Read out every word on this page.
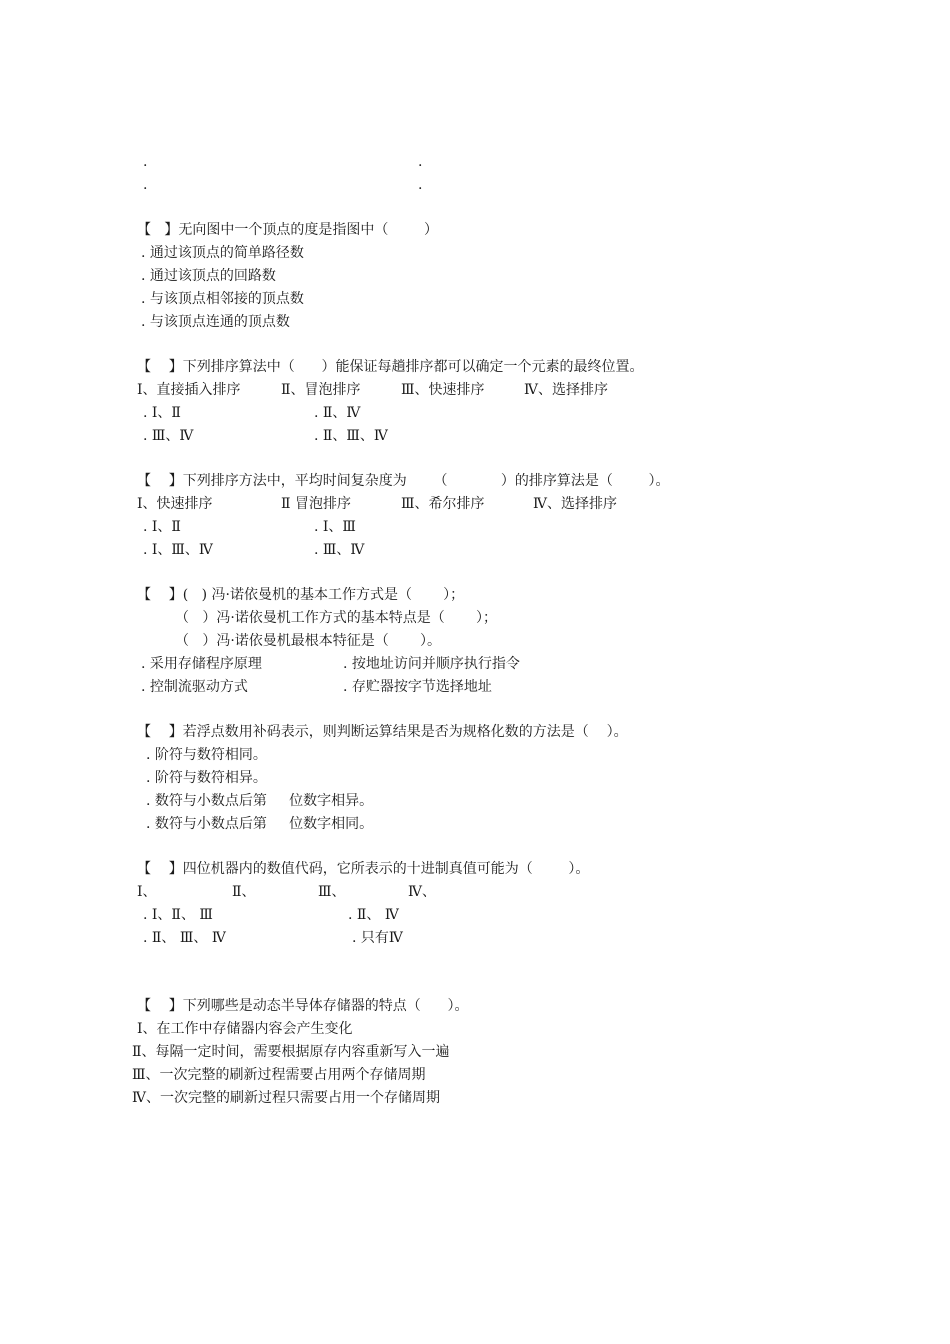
.	.
.	.
【   】无向图中一个顶点的度是指图中（        ）
. 通过该顶点的简单路径数
. 通过该顶点的回路数
. 与该顶点相邻接的顶点数
. 与该顶点连通的顶点数
【    】下列排序算法中（      ）能保证每趟排序都可以确定一个元素的最终位置。
Ⅰ、直接插入排序	Ⅱ、冒泡排序	Ⅲ、快速排序	Ⅳ、选择排序
. Ⅰ、Ⅱ	. Ⅱ、Ⅳ
. Ⅲ、Ⅳ	. Ⅱ、Ⅲ、Ⅳ
【    】下列排序方法中，平均时间复杂度为      （            ）的排序算法是（        ）。
Ⅰ、快速排序	Ⅱ 冒泡排序	Ⅲ、希尔排序	Ⅳ、选择排序
. Ⅰ、Ⅱ	. Ⅰ、Ⅲ
. Ⅰ、Ⅲ、Ⅳ	. Ⅲ、Ⅳ
【    】(   ) 冯·诺依曼机的基本工作方式是（       ）；
（   ）冯·诺依曼机工作方式的基本特点是（       ）；
（   ）冯·诺依曼机最根本特征是（       ）。
. 采用存储程序原理	. 按地址访问并顺序执行指令
. 控制流驱动方式	. 存贮器按字节选择地址
【    】若浮点数用补码表示，则判断运算结果是否为规格化数的方法是（    ）。
. 阶符与数符相同。
. 阶符与数符相异。
. 数符与小数点后第     位数字相异。
. 数符与小数点后第     位数字相同。
【    】四位机器内的数值代码，它所表示的十进制真值可能为（        ）。
Ⅰ、	Ⅱ、	Ⅲ、	Ⅳ、
. Ⅰ、Ⅱ、 Ⅲ	. Ⅱ、 Ⅳ
. Ⅱ、 Ⅲ、 Ⅳ	. 只有Ⅳ
【    】下列哪些是动态半导体存储器的特点（      ）。
Ⅰ、在工作中存储器内容会产生变化
Ⅱ、每隔一定时间，需要根据原存内容重新写入一遍
Ⅲ、一次完整的刷新过程需要占用两个存储周期
Ⅳ、一次完整的刷新过程只需要占用一个存储周期
